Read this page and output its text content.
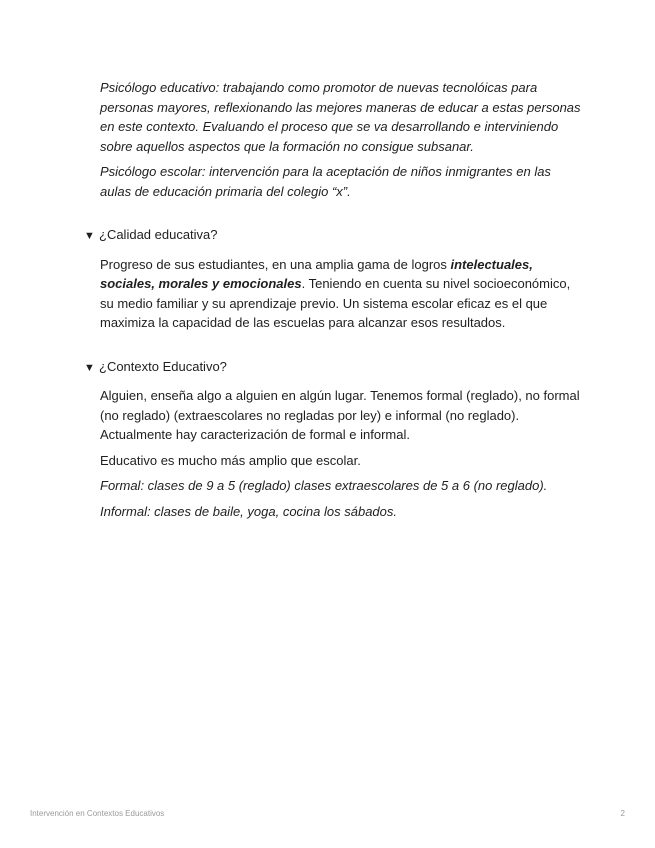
Psicólogo educativo: trabajando como promotor de nuevas tecnolóicas para personas mayores, reflexionando las mejores maneras de educar a estas personas en este contexto. Evaluando el proceso que se va desarrollando e interviniendo sobre aquellos aspectos que la formación no consigue subsanar.

Psicólogo escolar: intervención para la aceptación de niños inmigrantes en las aulas de educación primaria del colegio “x”.

▼ ¿Calidad educativa?

Progreso de sus estudiantes, en una amplia gama de logros intelectuales, sociales, morales y emocionales. Teniendo en cuenta su nivel socioeconómico, su medio familiar y su aprendizaje previo. Un sistema escolar eficaz es el que maximiza la capacidad de las escuelas para alcanzar esos resultados.

▼ ¿Contexto Educativo?

Alguien, enseña algo a alguien en algún lugar. Tenemos formal (reglado), no formal (no reglado) (extraescolares no regladas por ley) e informal (no reglado). Actualmente hay caracterización de formal e informal.

Educativo es mucho más amplio que escolar.

Formal: clases de 9 a 5 (reglado) clases extraescolares de 5 a 6 (no reglado).

Informal: clases de baile, yoga, cocina los sábados.

Intervención en Contextos Educativos	2
